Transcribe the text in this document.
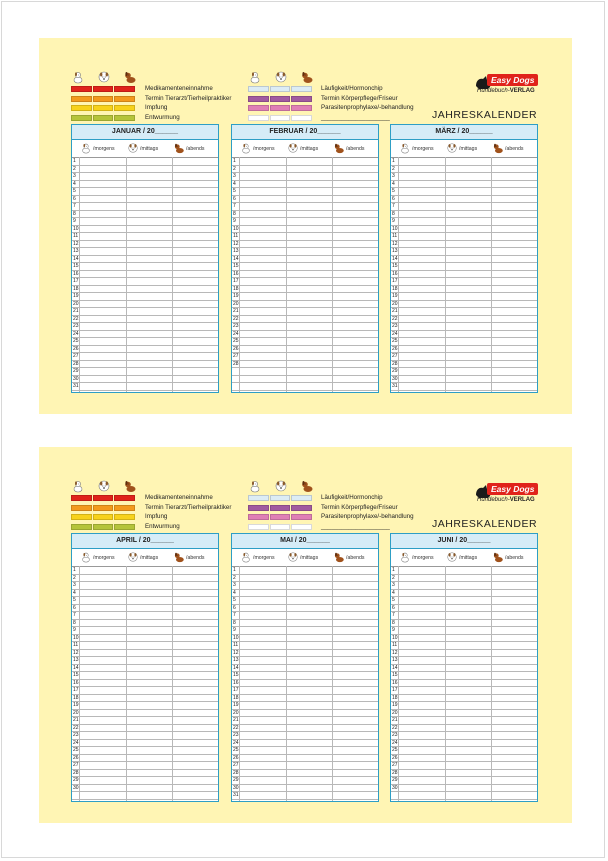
Medikamenteneinnahme
Termin Tierarzt/Tierheilpraktiker
Impfung
Entwurmung
Läufigkeit/Hormonchip
Termin Körperpflege/Friseur
Parasitenprophylaxe/-behandlung
____________________
Easy Dogs
Hundebuch-VERLAG
JAHRESKALENDER
JANUAR / 20______
/morgens	/mittags	/abends
1
2
3
4
5
6
7
8
9
10
11
12
13
14
15
16
17
18
19
20
21
22
23
24
25
26
27
28
29
30
31
FEBRUAR / 20______
/morgens	/mittags	/abends
1
2
3
4
5
6
7
8
9
10
11
12
13
14
15
16
17
18
19
20
21
22
23
24
25
26
27
28
MÄRZ / 20______
/morgens	/mittags	/abends
1
2
3
4
5
6
7
8
9
10
11
12
13
14
15
16
17
18
19
20
21
22
23
24
25
26
27
28
29
30
31
Medikamenteneinnahme
Termin Tierarzt/Tierheilpraktiker
Impfung
Entwurmung
Läufigkeit/Hormonchip
Termin Körperpflege/Friseur
Parasitenprophylaxe/-behandlung
____________________
Easy Dogs
Hundebuch-VERLAG
JAHRESKALENDER
APRIL / 20______
/morgens	/mittags	/abends
1
2
3
4
5
6
7
8
9
10
11
12
13
14
15
16
17
18
19
20
21
22
23
24
25
26
27
28
29
30
MAI / 20______
/morgens	/mittags	/abends
1
2
3
4
5
6
7
8
9
10
11
12
13
14
15
16
17
18
19
20
21
22
23
24
25
26
27
28
29
30
31
JUNI / 20______
/morgens	/mittags	/abends
1
2
3
4
5
6
7
8
9
10
11
12
13
14
15
16
17
18
19
20
21
22
23
24
25
26
27
28
29
30
